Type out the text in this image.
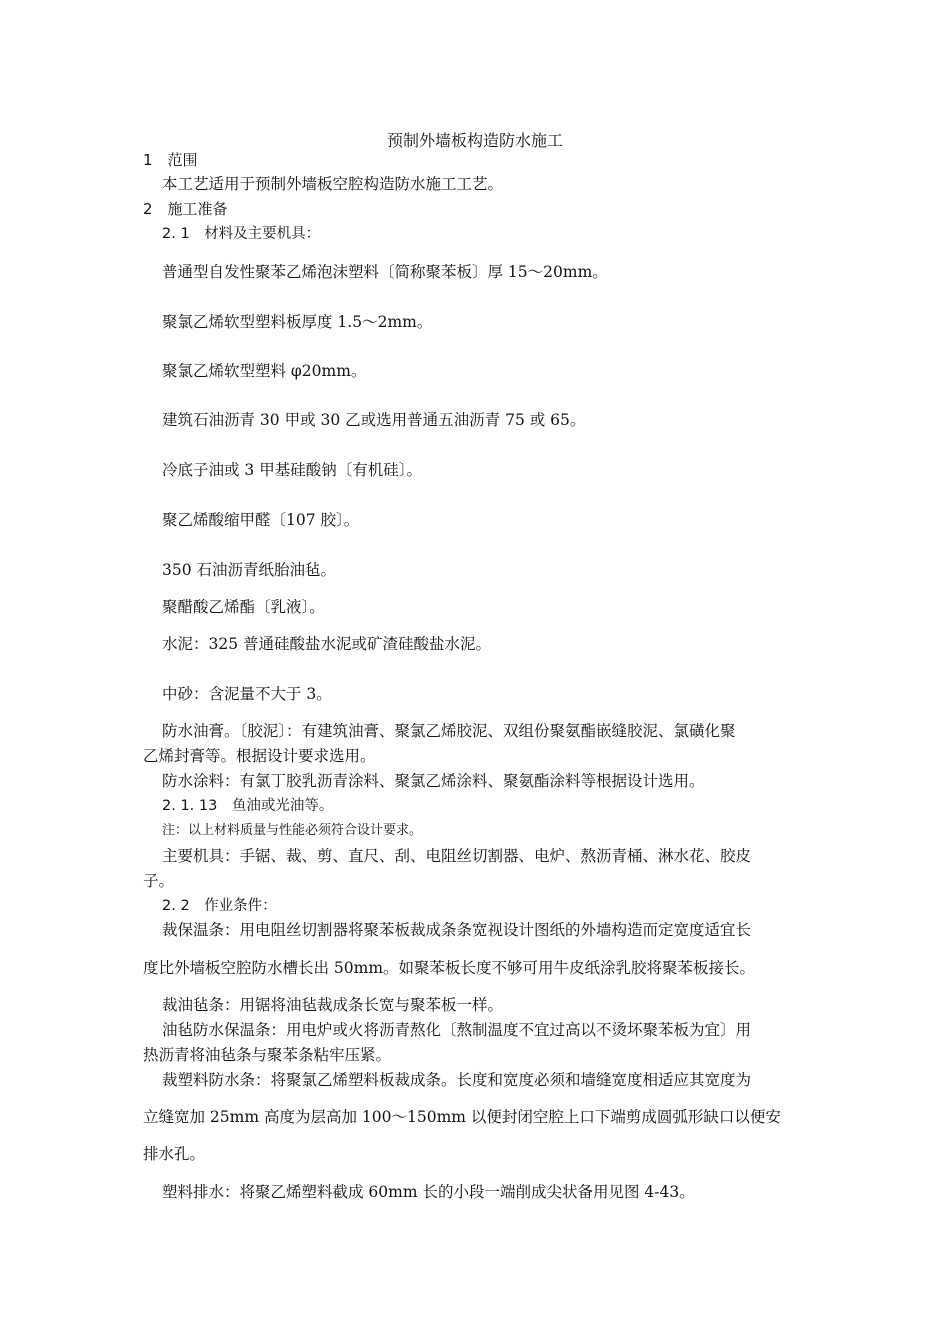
预制外墙板构造防水施工
1　范围
本工艺适用于预制外墙板空腔构造防水施工工艺。
2　施工准备
2. 1　材料及主要机具：
普通型自发性聚苯乙烯泡沫塑料〔简称聚苯板〕厚 15～20mm。
聚氯乙烯软型塑料板厚度 1.5～2mm。
聚氯乙烯软型塑料 φ20mm。
建筑石油沥青 30 甲或 30 乙或选用普通五油沥青 75 或 65。
冷底子油或 3 甲基硅酸钠〔有机硅〕。
聚乙烯酸缩甲醛〔107 胶〕。
350 石油沥青纸胎油毡。
聚醋酸乙烯酯〔乳液〕。
水泥：325 普通硅酸盐水泥或矿渣硅酸盐水泥。
中砂：含泥量不大于 3。
防水油膏。〔胶泥〕：有建筑油膏、聚氯乙烯胶泥、双组份聚氨酯嵌缝胶泥、氯磺化聚
乙烯封膏等。根据设计要求选用。
防水涂料：有氯丁胶乳沥青涂料、聚氯乙烯涂料、聚氨酯涂料等根据设计选用。
2. 1. 13　鱼油或光油等。
注：以上材料质量与性能必须符合设计要求。
主要机具：手锯、裁、剪、直尺、刮、电阻丝切割器、电炉、熬沥青桶、淋水花、胶皮
子。
2. 2　作业条件：
裁保温条：用电阻丝切割器将聚苯板裁成条条宽视设计图纸的外墙构造而定宽度适宜长
度比外墙板空腔防水槽长出 50mm。如聚苯板长度不够可用牛皮纸涂乳胶将聚苯板接长。
裁油毡条：用锯将油毡裁成条长宽与聚苯板一样。
油毡防水保温条：用电炉或火将沥青熬化〔熬制温度不宜过高以不烫坏聚苯板为宜〕用
热沥青将油毡条与聚苯条粘牢压紧。
裁塑料防水条：将聚氯乙烯塑料板裁成条。长度和宽度必须和墙缝宽度相适应其宽度为
立缝宽加 25mm 高度为层高加 100～150mm 以便封闭空腔上口下端剪成圆弧形缺口以便安
排水孔。
塑料排水：将聚乙烯塑料截成 60mm 长的小段一端削成尖状备用见图 4-43。
